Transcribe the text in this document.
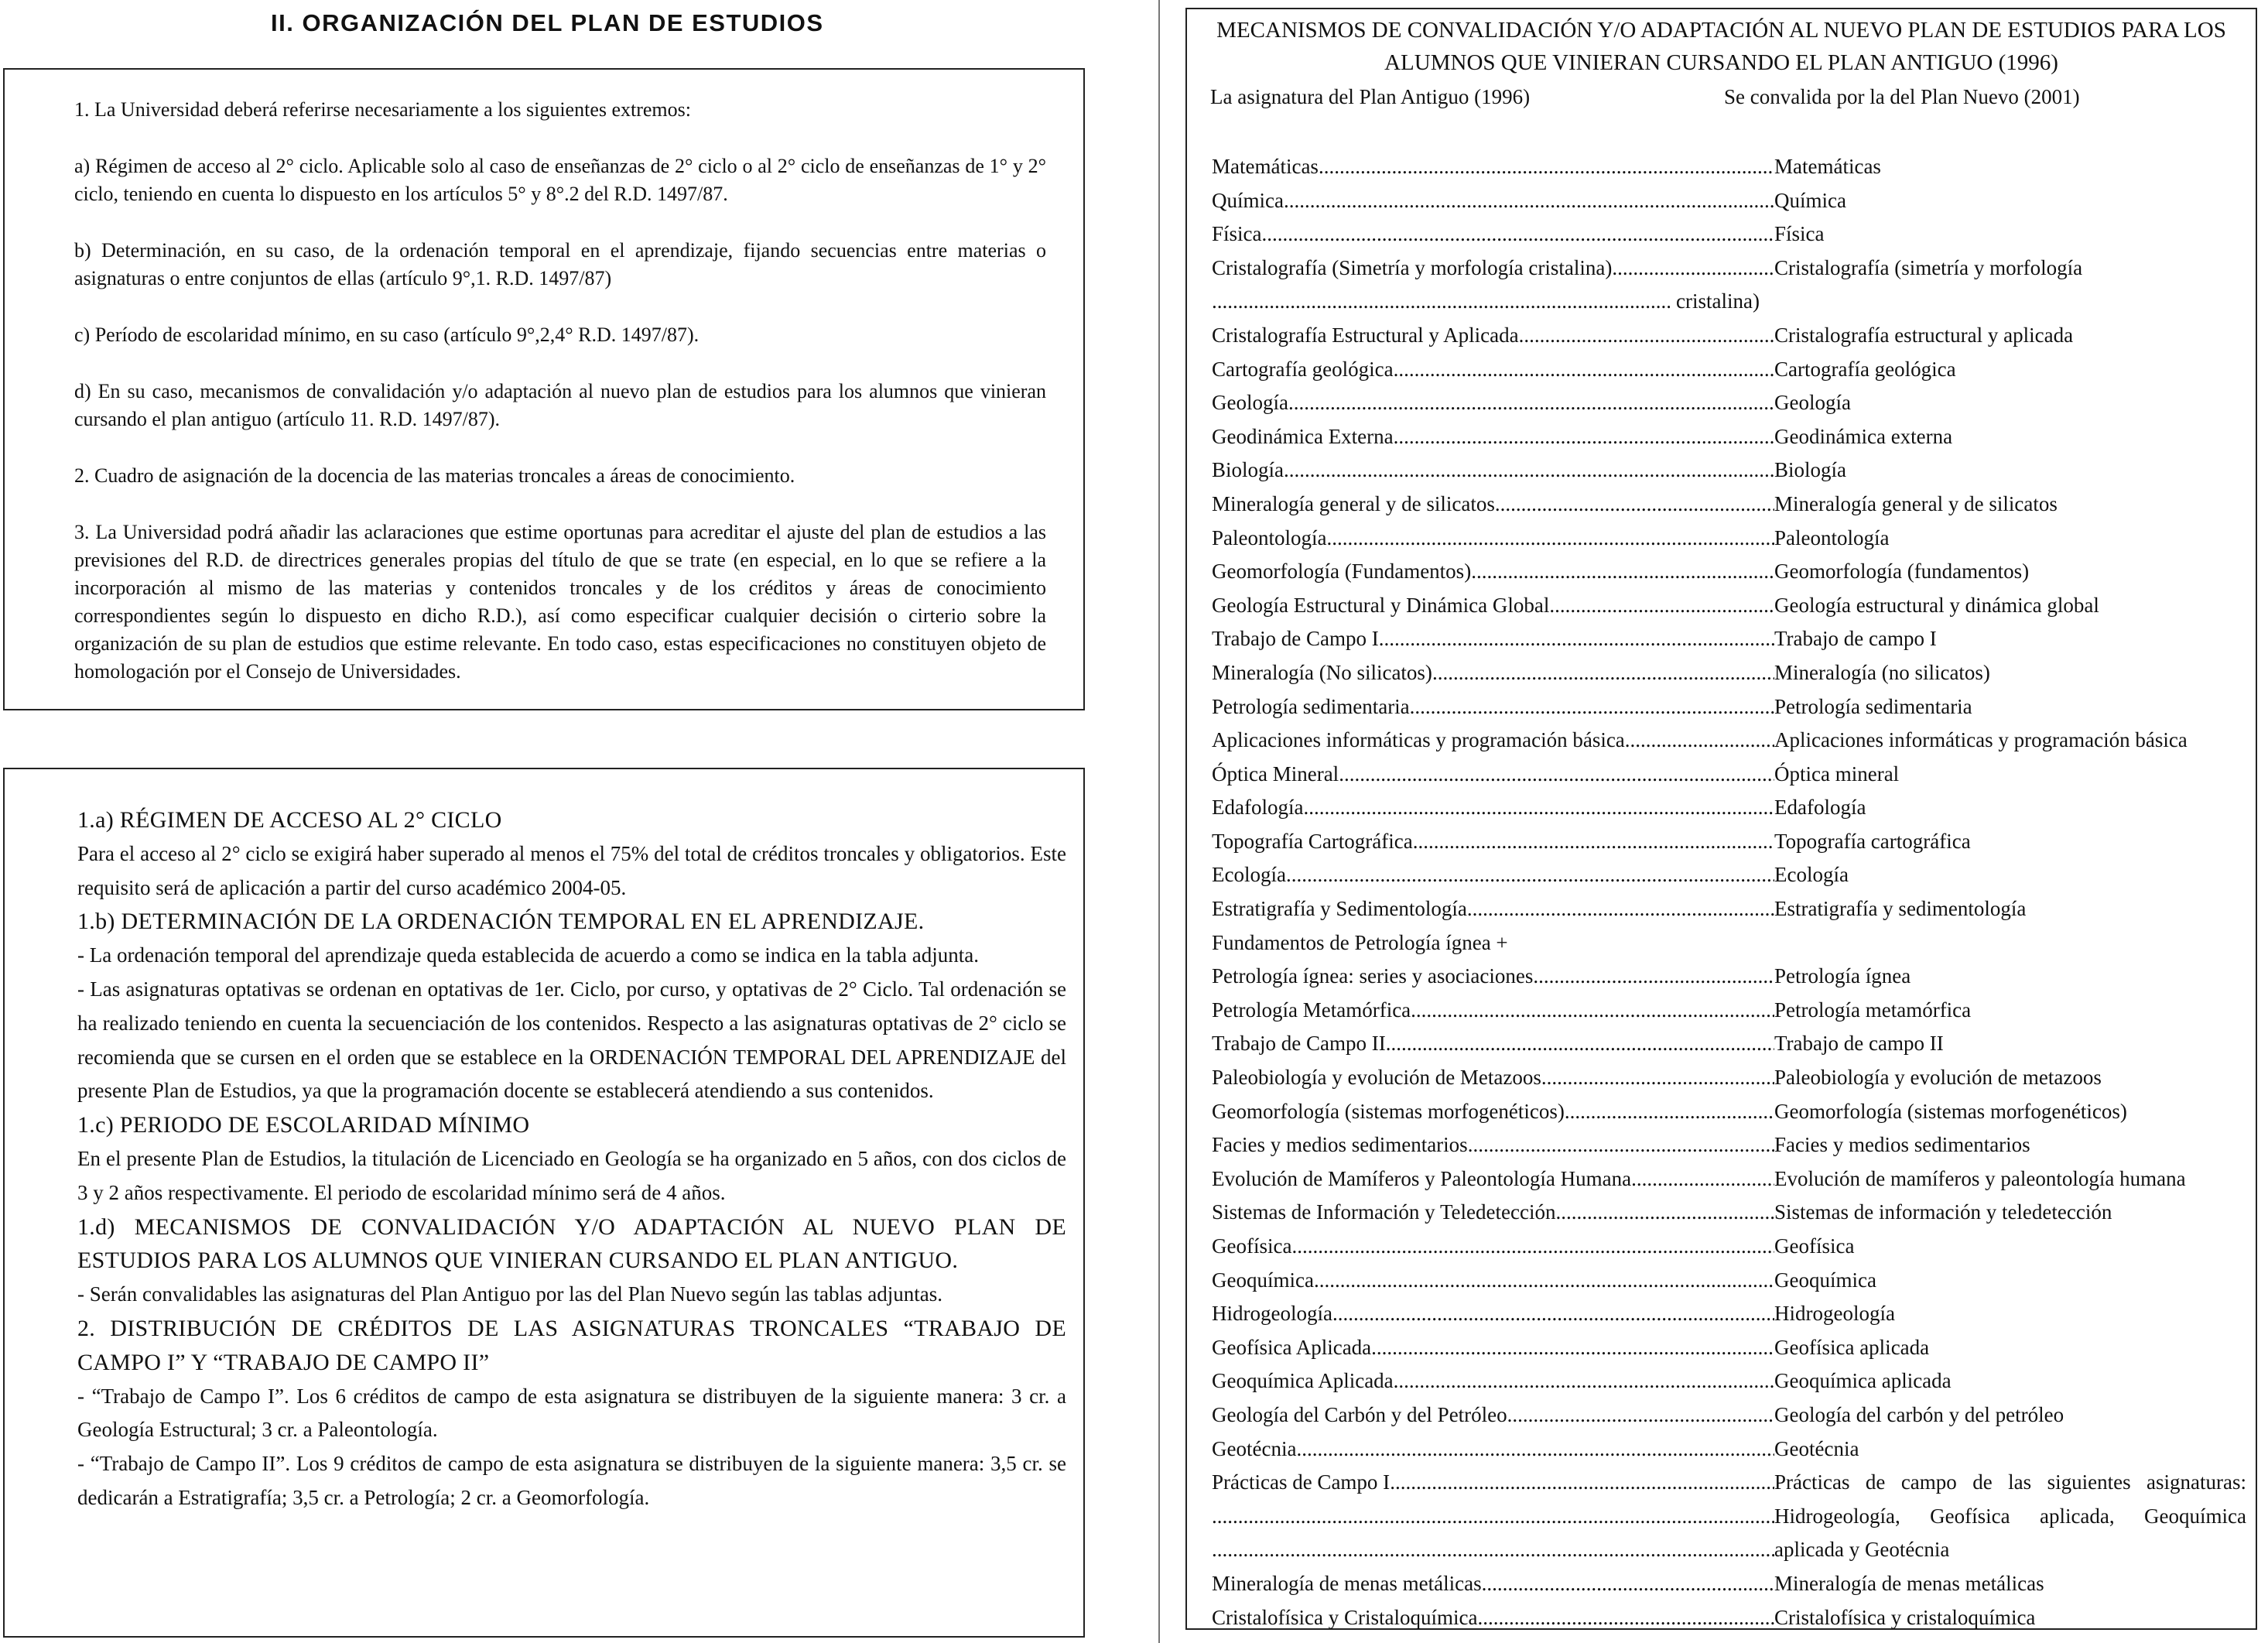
II. ORGANIZACIÓN DEL PLAN DE ESTUDIOS

1. La Universidad deberá referirse necesariamente a los siguientes extremos:

a) Régimen de acceso al 2° ciclo. Aplicable solo al caso de enseñanzas de 2° ciclo o al 2° ciclo de enseñanzas de 1° y 2° ciclo, teniendo en cuenta lo dispuesto en los artículos 5° y 8°.2 del R.D. 1497/87.

b) Determinación, en su caso, de la ordenación temporal en el aprendizaje, fijando secuencias entre materias o asignaturas o entre conjuntos de ellas (artículo 9°,1. R.D. 1497/87)

c) Período de escolaridad mínimo, en su caso (artículo 9°,2,4° R.D. 1497/87).

d) En su caso, mecanismos de convalidación y/o adaptación al nuevo plan de estudios para los alumnos que vinieran cursando el plan antiguo (artículo 11. R.D. 1497/87).

2. Cuadro de asignación de la docencia de las materias troncales a áreas de conocimiento.

3. La Universidad podrá añadir las aclaraciones que estime oportunas para acreditar el ajuste del plan de estudios a las previsiones del R.D. de directrices generales propias del título de que se trate (en especial, en lo que se refiere a la incorporación al mismo de las materias y contenidos troncales y de los créditos y áreas de conocimiento correspondientes según lo dispuesto en dicho R.D.), así como especificar cualquier decisión o cirterio sobre la organización de su plan de estudios que estime relevante. En todo caso, estas especificaciones no constituyen objeto de homologación por el Consejo de Universidades.

1.a) RÉGIMEN DE ACCESO AL 2° CICLO

Para el acceso al 2° ciclo se exigirá haber superado al menos el 75% del total de créditos troncales y obligatorios. Este requisito será de aplicación a partir del curso académico 2004-05.

1.b) DETERMINACIÓN DE LA ORDENACIÓN TEMPORAL EN EL APRENDIZAJE.

- La ordenación temporal del aprendizaje queda establecida de acuerdo a como se indica en la tabla adjunta.

- Las asignaturas optativas se ordenan en optativas de 1er. Ciclo, por curso, y optativas de 2° Ciclo. Tal ordenación se ha realizado teniendo en cuenta la secuenciación de los contenidos. Respecto a las asignaturas optativas de 2° ciclo se recomienda que se cursen en el orden que se establece en la ORDENACIÓN TEMPORAL DEL APRENDIZAJE del presente Plan de Estudios, ya que la programación docente se establecerá atendiendo a sus contenidos.

1.c) PERIODO DE ESCOLARIDAD MÍNIMO

En el presente Plan de Estudios, la titulación de Licenciado en Geología se ha organizado en 5 años, con dos ciclos de 3 y 2 años respectivamente. El periodo de escolaridad mínimo será de 4 años.

1.d) MECANISMOS DE CONVALIDACIÓN Y/O ADAPTACIÓN AL NUEVO PLAN DE ESTUDIOS PARA LOS ALUMNOS QUE VINIERAN CURSANDO EL PLAN ANTIGUO.

- Serán convalidables las asignaturas del Plan Antiguo por las del Plan Nuevo según las tablas adjuntas.

2. DISTRIBUCIÓN DE CRÉDITOS DE LAS ASIGNATURAS TRONCALES “TRABAJO DE CAMPO I” Y “TRABAJO DE CAMPO II”

- “Trabajo de Campo I”. Los 6 créditos de campo de esta asignatura se distribuyen de la siguiente manera: 3 cr. a Geología Estructural; 3 cr. a Paleontología.

- “Trabajo de Campo II”. Los 9 créditos de campo de esta asignatura se distribuyen de la siguiente manera: 3,5 cr. se dedicarán a Estratigrafía; 3,5 cr. a Petrología; 2 cr. a Geomorfología.

MECANISMOS DE CONVALIDACIÓN Y/O ADAPTACIÓN AL NUEVO PLAN DE ESTUDIOS PARA LOS ALUMNOS QUE VINIERAN CURSANDO EL PLAN ANTIGUO (1996)
La asignatura del Plan Antiguo (1996)	Se convalida por la del Plan Nuevo (2001)
Matemáticas .....	Matemáticas
Química .....	Química
Física .....	Física
Cristalografía (Simetría y morfología cristalina) .....	Cristalografía (simetría y morfología
.....
cristalina)
Cristalografía Estructural y Aplicada .....	Cristalografía estructural y aplicada
Cartografía geológica .....	Cartografía geológica
Geología .....	Geología
Geodinámica Externa .....	Geodinámica externa
Biología .....	Biología
Mineralogía general y de silicatos .....	Mineralogía general y de silicatos
Paleontología .....	Paleontología
Geomorfología (Fundamentos) .....	Geomorfología (fundamentos)
Geología Estructural y Dinámica Global .....	Geología estructural y dinámica global
Trabajo de Campo I .....	Trabajo de campo I
Mineralogía (No silicatos) .....	Mineralogía (no silicatos)
Petrología sedimentaria .....	Petrología sedimentaria
Aplicaciones informáticas y programación básica .....	Aplicaciones informáticas y programación básica
Óptica Mineral .....	Óptica mineral
Edafología .....	Edafología
Topografía Cartográfica .....	Topografía cartográfica
Ecología .....	Ecología
Estratigrafía y Sedimentología .....	Estratigrafía y sedimentología
Fundamentos de Petrología ígnea +
Petrología ígnea: series y asociaciones .....	Petrología ígnea
Petrología Metamórfica .....	Petrología metamórfica
Trabajo de Campo II .....	Trabajo de campo II
Paleobiología y evolución de Metazoos .....	Paleobiología y evolución de metazoos
Geomorfología (sistemas morfogenéticos) .....	Geomorfología (sistemas morfogenéticos)
Facies y medios sedimentarios .....	Facies y medios sedimentarios
Evolución de Mamíferos y Paleontología Humana .....	Evolución de mamíferos y paleontología humana
Sistemas de Información y Teledetección .....	Sistemas de información y teledetección
Geofísica .....	Geofísica
Geoquímica .....	Geoquímica
Hidrogeología .....	Hidrogeología
Geofísica Aplicada .....	Geofísica aplicada
Geoquímica Aplicada .....	Geoquímica aplicada
Geología del Carbón y del Petróleo .....	Geología del carbón y del petróleo
Geotécnia .....	Geotécnia
Prácticas de Campo I .....	Prácticas de campo de las siguientes asignaturas:
.....
Hidrogeología, Geofísica aplicada, Geoquímica
.....
aplicada y Geotécnia
Mineralogía de menas metálicas .....	Mineralogía de menas metálicas
Cristalofísica y Cristaloquímica .....	Cristalofísica y cristaloquímica
